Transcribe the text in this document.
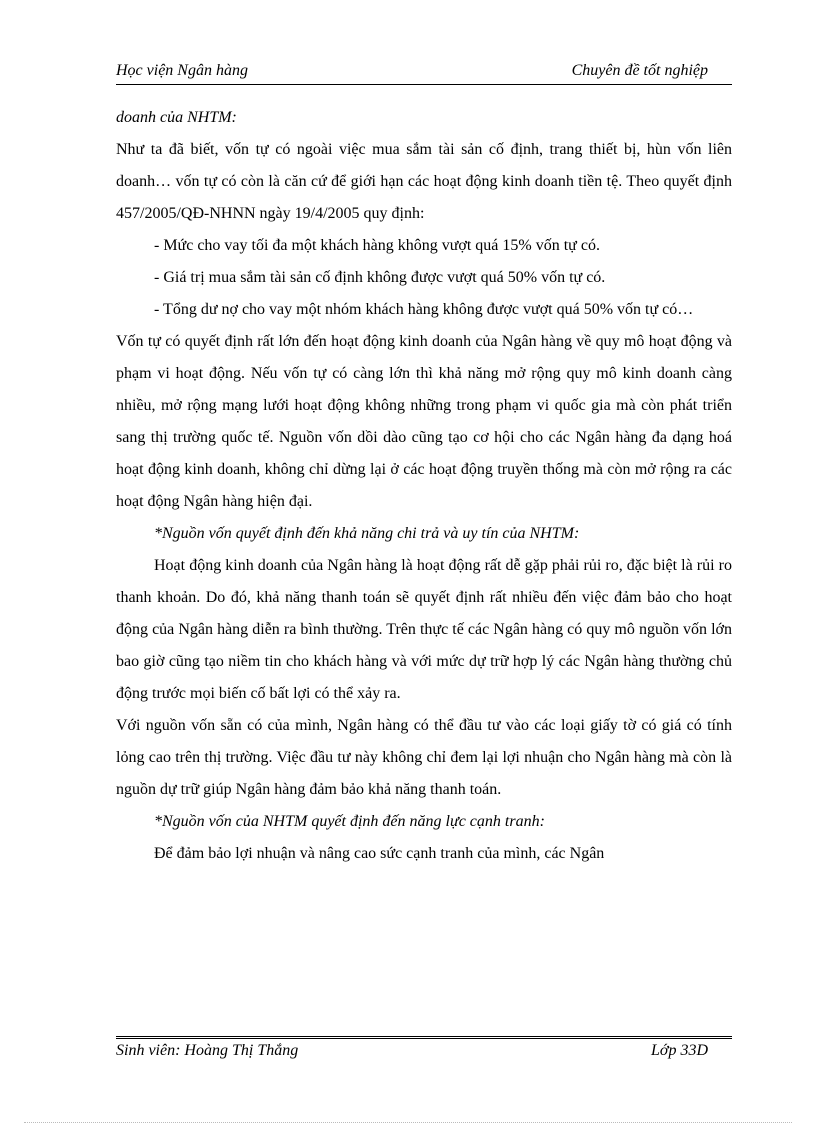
Học viện Ngân hàng	Chuyên đề tốt nghiệp

doanh của NHTM:

Như ta đã biết, vốn tự có ngoài việc mua sắm tài sản cố định, trang thiết bị, hùn vốn liên doanh… vốn tự có còn là căn cứ để giới hạn các hoạt động kinh doanh tiền tệ. Theo quyết định 457/2005/QĐ-NHNN ngày 19/4/2005 quy định:

- Mức cho vay tối đa một khách hàng không vượt quá 15% vốn tự có.

- Giá trị mua sắm tài sản cố định không được vượt quá 50% vốn tự có.

- Tổng dư nợ cho vay một nhóm khách hàng không được vượt quá 50% vốn tự có…

Vốn tự có quyết định rất lớn đến hoạt động kinh doanh của Ngân hàng về quy mô hoạt động và phạm vi hoạt động. Nếu vốn tự có càng lớn thì khả năng mở rộng quy mô kinh doanh càng nhiều, mở rộng mạng lưới hoạt động không những trong phạm vi quốc gia mà còn phát triển sang thị trường quốc tế. Nguồn vốn dồi dào cũng tạo cơ hội cho các Ngân hàng đa dạng hoá hoạt động kinh doanh, không chỉ dừng lại ở các hoạt động truyền thống mà còn mở rộng ra các hoạt động Ngân hàng hiện đại.

*Nguồn vốn quyết định đến khả năng chi trả và uy tín của NHTM:

Hoạt động kinh doanh của Ngân hàng là hoạt động rất dễ gặp phải rủi ro, đặc biệt là rủi ro thanh khoản. Do đó, khả năng thanh toán sẽ quyết định rất nhiều đến việc đảm bảo cho hoạt động của Ngân hàng diễn ra bình thường. Trên thực tế các Ngân hàng có quy mô nguồn vốn lớn bao giờ cũng tạo niềm tin cho khách hàng và với mức dự trữ hợp lý các Ngân hàng thường chủ động trước mọi biến cố bất lợi có thể xảy ra.

Với nguồn vốn sẵn có của mình, Ngân hàng có thể đầu tư vào các loại giấy tờ có giá có tính lỏng cao trên thị trường. Việc đầu tư này không chỉ đem lại lợi nhuận cho Ngân hàng mà còn là nguồn dự trữ giúp Ngân hàng đảm bảo khả năng thanh toán.

*Nguồn vốn của NHTM quyết định đến năng lực cạnh tranh:

Để đảm bảo lợi nhuận và nâng cao sức cạnh tranh của mình, các Ngân

Sinh viên: Hoàng Thị Thắng	Lớp 33D
